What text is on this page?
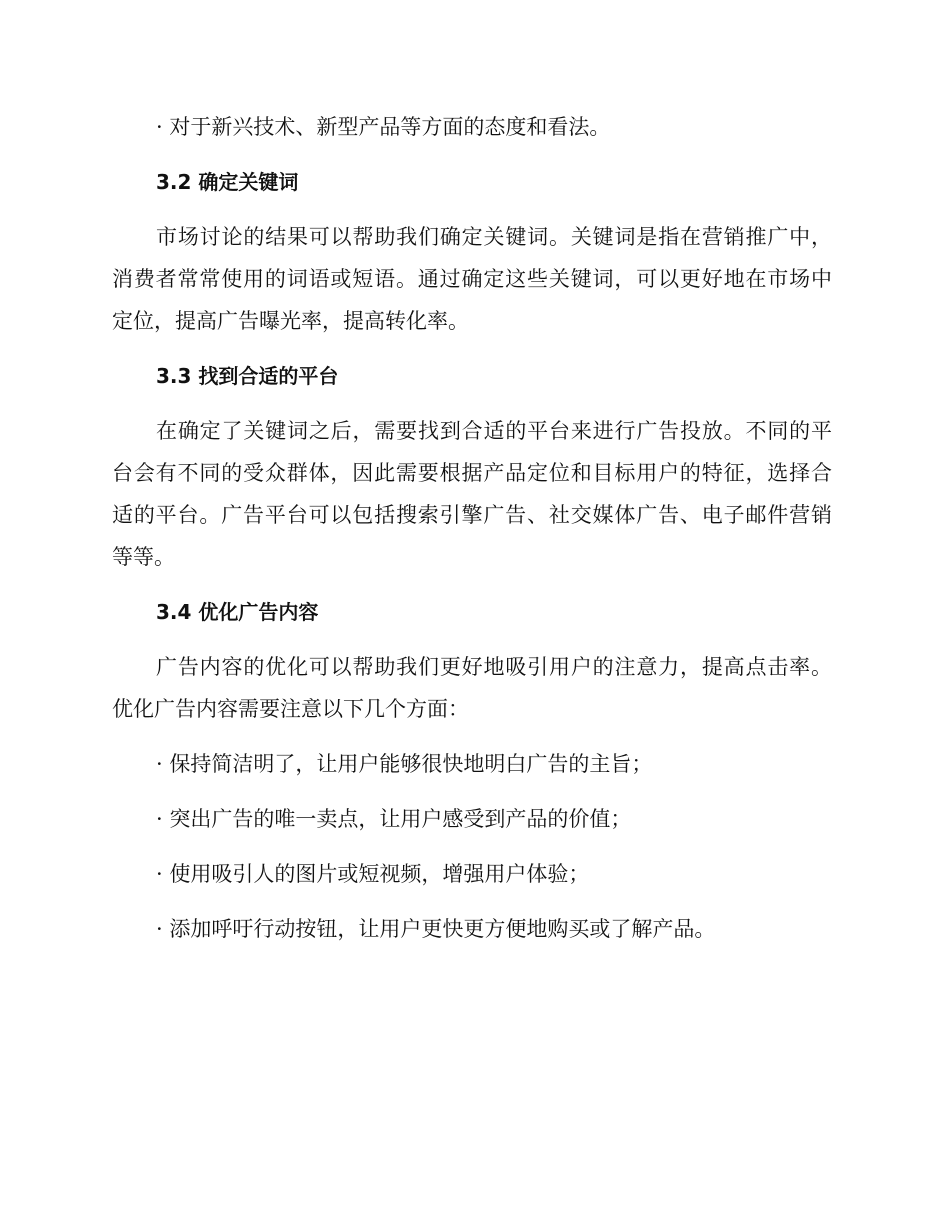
· 对于新兴技术、新型产品等方面的态度和看法。
3.2 确定关键词
市场讨论的结果可以帮助我们确定关键词。关键词是指在营销推广中，
消费者常常使用的词语或短语。通过确定这些关键词，可以更好地在市场中
定位，提高广告曝光率，提高转化率。
3.3 找到合适的平台
在确定了关键词之后，需要找到合适的平台来进行广告投放。不同的平
台会有不同的受众群体，因此需要根据产品定位和目标用户的特征，选择合
适的平台。广告平台可以包括搜索引擎广告、社交媒体广告、电子邮件营销
等等。
3.4 优化广告内容
广告内容的优化可以帮助我们更好地吸引用户的注意力，提高点击率。
优化广告内容需要注意以下几个方面：
· 保持简洁明了，让用户能够很快地明白广告的主旨；
· 突出广告的唯一卖点，让用户感受到产品的价值；
· 使用吸引人的图片或短视频，增强用户体验；
· 添加呼吁行动按钮，让用户更快更方便地购买或了解产品。
